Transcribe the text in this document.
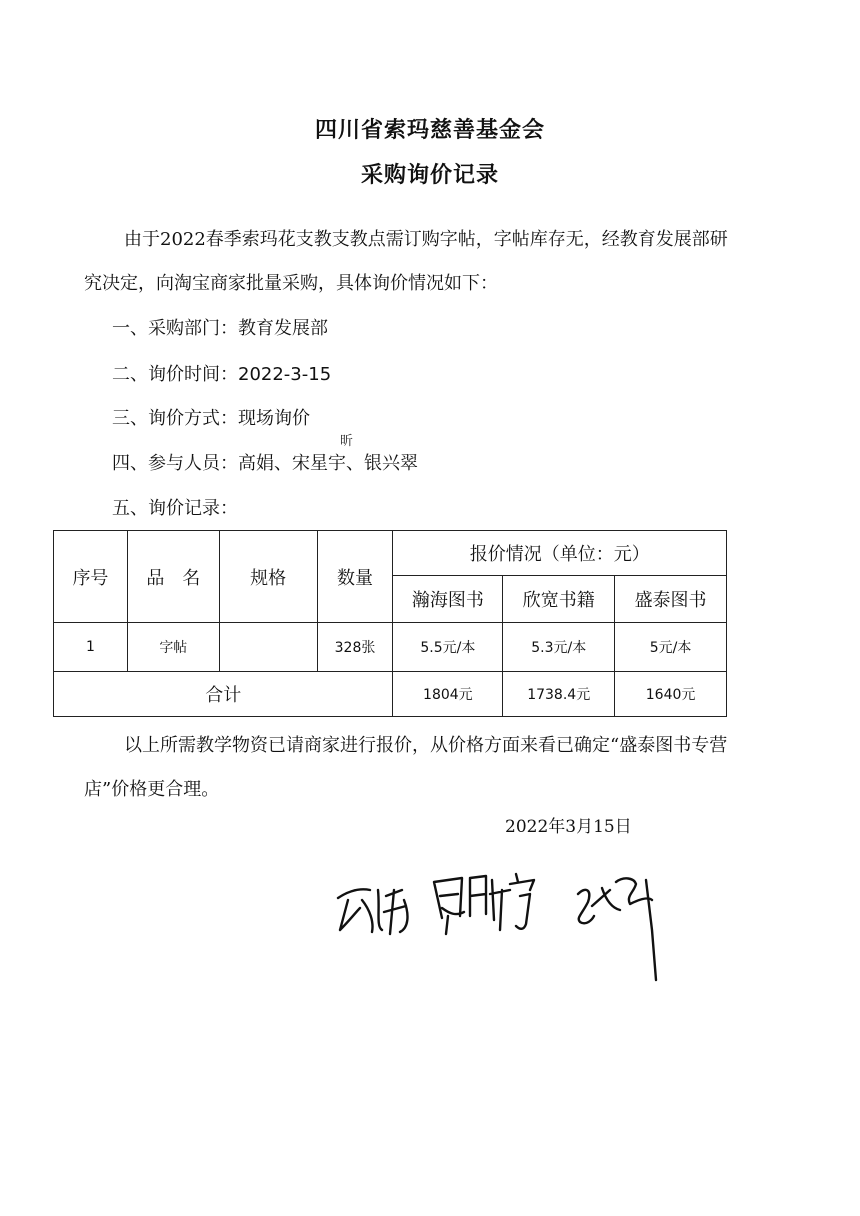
四川省索玛慈善基金会
采购询价记录

由于2022春季索玛花支教支教点需订购字帖，字帖库存无，经教育发展部研究决定，向淘宝商家批量采购，具体询价情况如下：

一、采购部门：教育发展部
二、询价时间：2022-3-15
三、询价方式：现场询价
四、参与人员：高娟、宋星宇、银兴翠
昕
五、询价记录：
序号	品　名	规格	数量	报价情况（单位：元）		
				瀚海图书	欣宽书籍	盛泰图书
1	字帖		328张	5.5元/本	5.3元/本	5元/本
合计				1804元	1738.4元	1640元

以上所需教学物资已请商家进行报价，从价格方面来看已确定“盛泰图书专营店”价格更合理。

2022年3月15日
